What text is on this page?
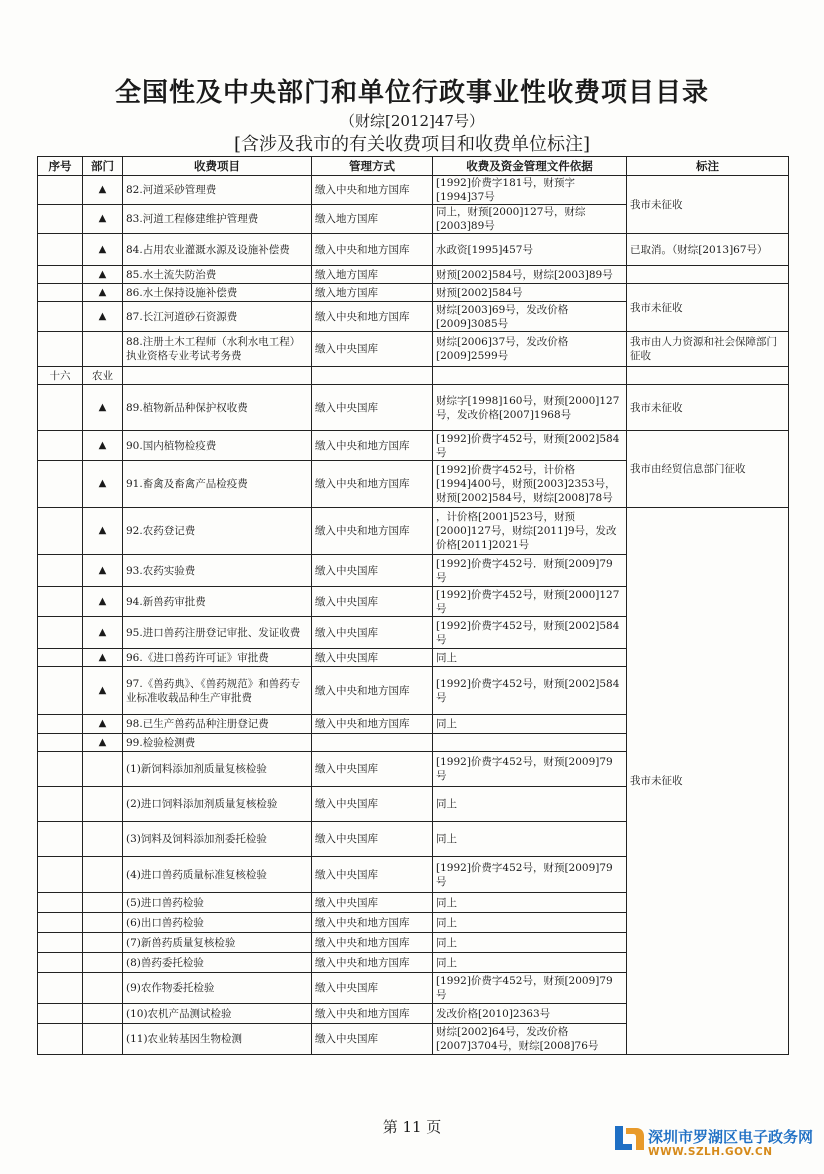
全国性及中央部门和单位行政事业性收费项目目录
（财综[2012]47号）
[含涉及我市的有关收费项目和收费单位标注]
序号	部门	收费项目	管理方式	收费及资金管理文件依据	标注
	▲	82.河道采砂管理费	缴入中央和地方国库	[1992]价费字181号，财预字[1994]37号	我市未征收
	▲	83.河道工程修建维护管理费	缴入地方国库	同上，财预[2000]127号，财综[2003]89号	
	▲	84.占用农业灌溉水源及设施补偿费	缴入中央和地方国库	水政资[1995]457号	已取消。（财综[2013]67号）
	▲	85.水土流失防治费	缴入地方国库	财预[2002]584号，财综[2003]89号	
	▲	86.水土保持设施补偿费	缴入地方国库	财预[2002]584号	我市未征收
	▲	87.长江河道砂石资源费	缴入中央和地方国库	财综[2003]69号，发改价格[2009]3085号	
		88.注册土木工程师（水利水电工程）执业资格专业考试考务费	缴入中央国库	财综[2006]37号，发改价格[2009]2599号	我市由人力资源和社会保障部门征收
十六	农业				
	▲	89.植物新品种保护权收费	缴入中央国库	财综字[1998]160号，财预[2000]127号，发改价格[2007]1968号	我市未征收
	▲	90.国内植物检疫费	缴入中央和地方国库	[1992]价费字452号，财预[2002]584号	我市由经贸信息部门征收
	▲	91.畜禽及畜禽产品检疫费	缴入中央和地方国库	[1992]价费字452号，计价格[1994]400号，财预[2003]2353号，财预[2002]584号，财综[2008]78号	
	▲	92.农药登记费	缴入中央和地方国库	，计价格[2001]523号，财预[2000]127号，财综[2011]9号，发改价格[2011]2021号	我市未征收
	▲	93.农药实验费	缴入中央国库	[1992]价费字452号．财预[2009]79号	
	▲	94.新兽药审批费	缴入中央国库	[1992]价费字452号，财预[2000]127号	
	▲	95.进口兽药注册登记审批、发证收费	缴入中央国库	[1992]价费字452号，财预[2002]584号	
	▲	96.《进口兽药许可证》审批费	缴入中央国库	同上	
	▲	97.《兽药典》、《兽药规范》和兽药专业标准收载品种生产审批费	缴入中央和地方国库	[1992]价费字452号，财预[2002]584号	
	▲	98.已生产兽药品种注册登记费	缴入中央和地方国库	同上	
	▲	99.检验检测费			
		(1)新饲料添加剂质量复核检验	缴入中央国库	[1992]价费字452号，财预[2009]79号	
		(2)进口饲料添加剂质量复核检验	缴入中央国库	同上	
		(3)饲料及饲料添加剂委托检验	缴入中央国库	同上	
		(4)进口兽药质量标准复核检验	缴入中央国库	[1992]价费字452号，财预[2009]79号	
		(5)进口兽药检验	缴入中央国库	同上	
		(6)出口兽药检验	缴入中央和地方国库	同上	
		(7)新兽药质量复核检验	缴入中央和地方国库	同上	
		(8)兽药委托检验	缴入中央和地方国库	同上	
		(9)农作物委托检验	缴入中央国库	[1992]价费字452号，财预[2009]79号	
		(10)农机产品测试检验	缴入中央和地方国库	发改价格[2010]2363号	
		(11)农业转基因生物检测	缴入中央国库	财综[2002]64号，发改价格[2007]3704号，财综[2008]76号	
第 11 页
深圳市罗湖区电子政务网
WWW.SZLH.GOV.CN
